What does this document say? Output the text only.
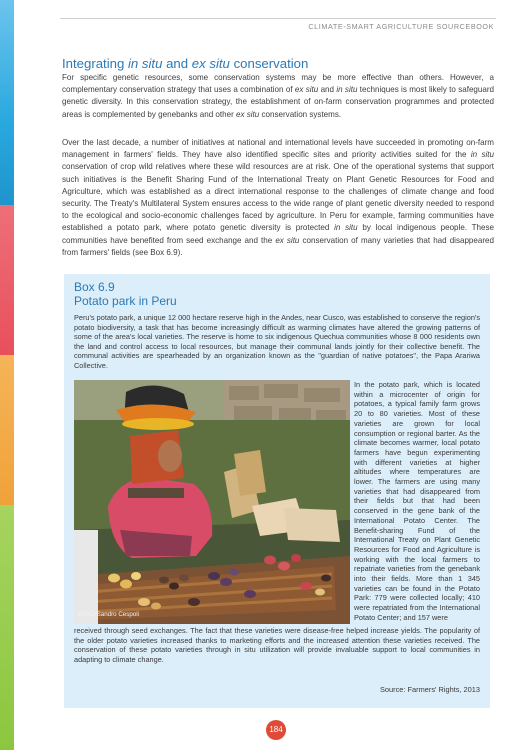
CLIMATE-SMART AGRICULTURE SOURCEBOOK
Integrating in situ and ex situ conservation

For specific genetic resources, some conservation systems may be more effective than others. However, a complementary conservation strategy that uses a combination of ex situ and in situ techniques is most likely to safeguard genetic diversity. In this conservation strategy, the establishment of on-farm conservation programmes and protected areas is complemented by genebanks and other ex situ conservation systems.

Over the last decade, a number of initiatives at national and international levels have succeeded in promoting on-farm management in farmers' fields. They have also identified specific sites and priority activities suited for the in situ conservation of crop wild relatives where these wild resources are at risk. One of the operational systems that support such initiatives is the Benefit Sharing Fund of the International Treaty on Plant Genetic Resources for Food and Agriculture, which was established as a direct international response to the challenges of climate change and food security. The Treaty's Multilateral System ensures access to the wide range of plant genetic diversity needed to respond to the ecological and socio-economic challenges faced by agriculture. In Peru for example, farming communities have established a potato park, where potato genetic diversity is protected in situ by local indigenous people. These communities have benefited from seed exchange and the ex situ conservation of many varieties that had disappeared from farmers' fields (see Box 6.9).

Box 6.9
Potato park in Peru

Peru's potato park, a unique 12 000 hectare reserve high in the Andes, near Cusco, was established to conserve the region's potato biodiversity, a task that has become increasingly difficult as warming climates have altered the growing patterns of some of the area's local varieties. The reserve is home to six indigenous Quechua communities whose 8 000 residents own the land and control access to local resources, but manage their communal lands jointly for their collective benefit. The communal activities are spearheaded by an organization known as the "guardian of native potatoes", the Papa Arariwa Collective.

©FAO/Sandro Cespoli

In the potato park, which is located within a microcenter of origin for potatoes, a typical family farm grows 20 to 80 varieties. Most of these varieties are grown for local consumption or regional barter. As the climate becomes warmer, local potato farmers have begun experimenting with different varieties at higher altitudes where temperatures are lower. The farmers are using many varieties that had disappeared from their fields but that had been conserved in the gene bank of the International Potato Center. The Benefit-sharing Fund of the International Treaty on Plant Genetic Resources for Food and Agriculture is working with the local farmers to repatriate varieties from the genebank into their fields. More than 1 345 varieties can be found in the Potato Park: 779 were collected locally; 410 were repatriated from the International Potato Center; and 157 were

received through seed exchanges. The fact that these varieties were disease-free helped increase yields. The popularity of the older potato varieties increased thanks to marketing efforts and the increased attention these varieties received. The conservation of these potato varieties through in situ utilization will provide invaluable support to local communities in adapting to climate change.

Source: Farmers' Rights, 2013
184
